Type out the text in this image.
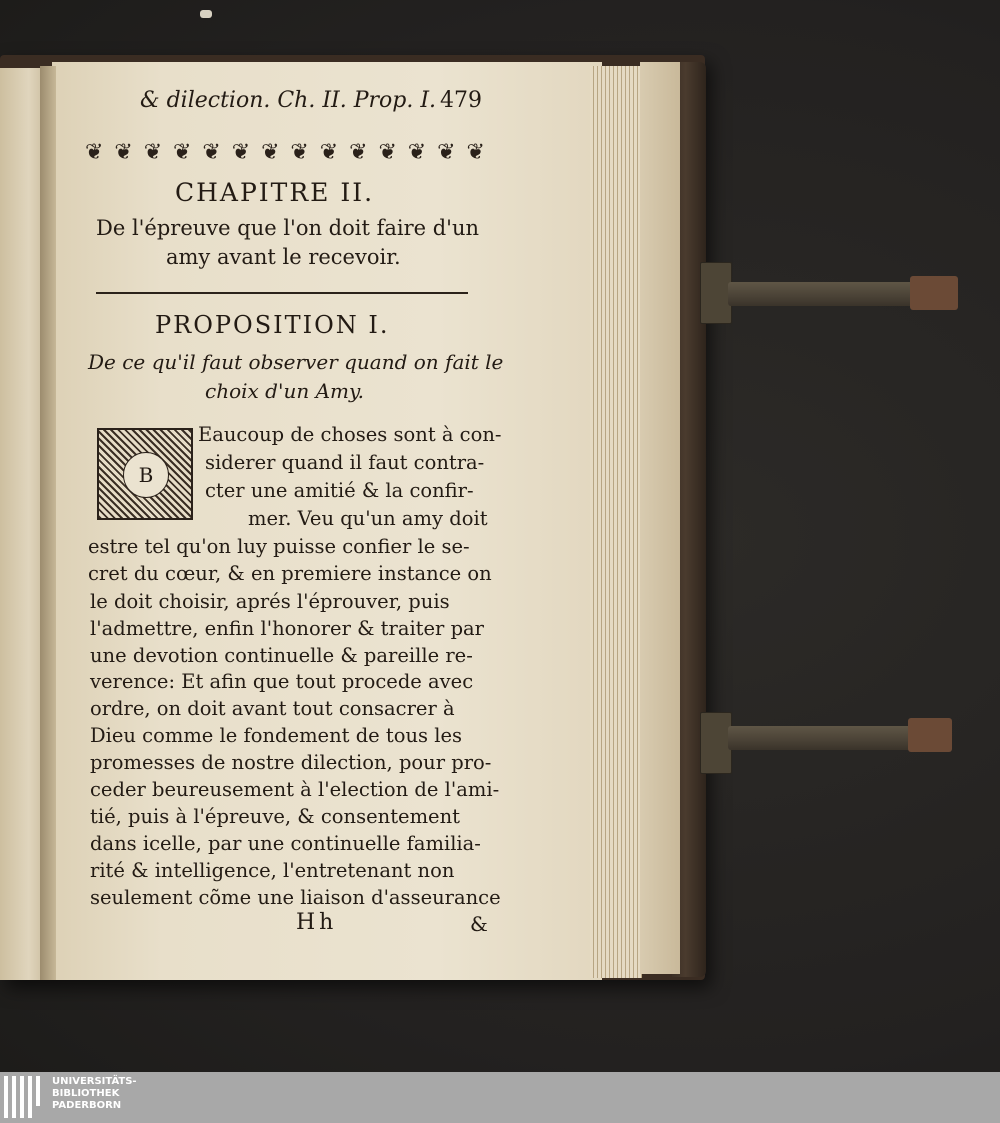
& dilection. Ch. II. Prop. I. 479
❦ ❦ ❦ ❦ ❦ ❦ ❦ ❦ ❦ ❦ ❦ ❦ ❦ ❦
CHAPITRE II.
De l'épreuve que l'on doit faire d'un
amy avant le recevoir.
PROPOSITION I.
De ce qu'il faut observer quand on fait le
choix d'un Amy.
B
Eaucoup de choses sont à con-
siderer quand il faut contra-
cter une amitié & la confir-
mer. Veu qu'un amy doit
estre tel qu'on luy puisse confier le se-
cret du cœur, & en premiere instance on
le doit choisir, aprés l'éprouver, puis
l'admettre, enfin l'honorer & traiter par
une devotion continuelle & pareille re-
verence: Et afin que tout procede avec
ordre, on doit avant tout consacrer à
Dieu comme le fondement de tous les
promesses de nostre dilection, pour pro-
ceder beureusement à l'election de l'ami-
tié, puis à l'épreuve, & consentement
dans icelle, par une continuelle familia-
rité & intelligence, l'entretenant non
seulement cõme une liaison d'asseurance
Hh	&
UNIVERSITÄTS-
BIBLIOTHEK
PADERBORN
